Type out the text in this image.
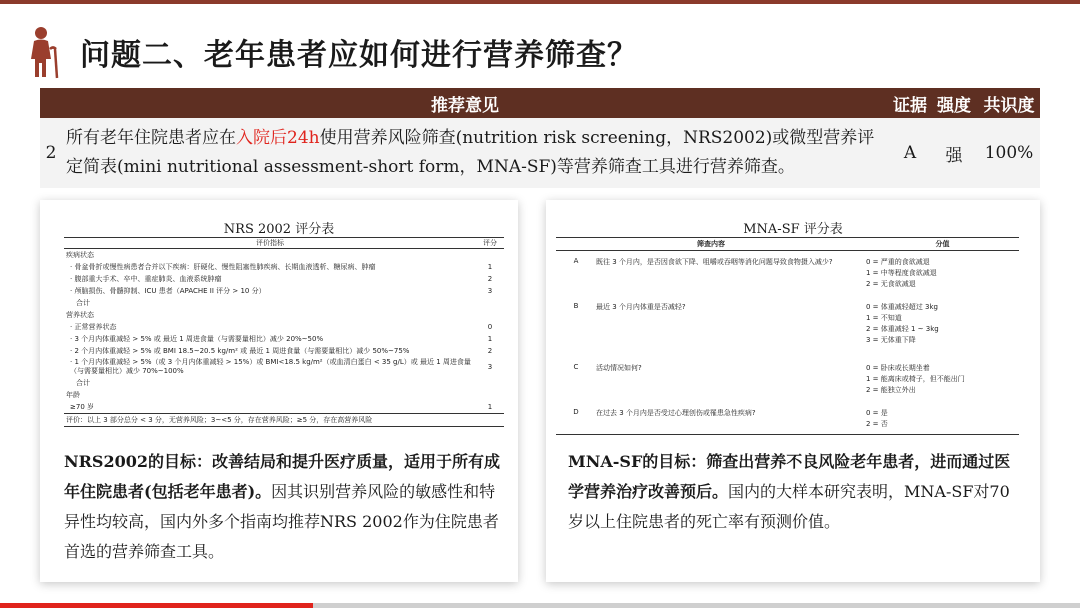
问题二、老年患者应如何进行营养筛查？
推荐意见		证据	强度	共识度
2	所有老年住院患者应在入院后24h使用营养风险筛查(nutrition risk screening，NRS2002)或微型营养评定简表(mini nutritional assessment-short form，MNA-SF)等营养筛查工具进行营养筛查。	A	强	100%
NRS 2002 评分表
评价指标	评分
疾病状态	
· 骨盆骨折或慢性病患者合并以下疾病：肝硬化、慢性阻塞性肺疾病、长期血液透析、糖尿病、肿瘤	1
· 腹部重大手术、卒中、重症肺炎、血液系统肿瘤	2
· 颅脑损伤、骨髓抑制、ICU 患者（APACHE II 评分 > 10 分）	3
合计	
营养状态	
· 正常营养状态	0
· 3 个月内体重减轻 > 5% 或 最近 1 周进食量（与需要量相比）减少 20%~50%	1
· 2 个月内体重减轻 > 5% 或 BMI 18.5~20.5 kg/m² 或 最近 1 周进食量（与需要量相比）减少 50%~75%	2
· 1 个月内体重减轻 > 5%（或 3 个月内体重减轻 > 15%）或 BMI<18.5 kg/m²（或血清白蛋白 < 35 g/L）或 最近 1 周进食量（与需要量相比）减少 70%~100%	3
合计	
年龄	
≥70 岁	1
评价：以上 3 部分总分 < 3 分，无营养风险；3~<5 分，存在营养风险；≥5 分，存在高营养风险	
NRS2002的目标：改善结局和提升医疗质量，适用于所有成年住院患者(包括老年患者)。因其识别营养风险的敏感性和特异性均较高，国内外多个指南均推荐NRS 2002作为住院患者首选的营养筛查工具。
MNA-SF 评分表
筛查内容		分值
A	既往 3 个月内，是否因食欲下降、咀嚼或吞咽等消化问题导致食物摄入减少?	0 = 严重的食欲减退
1 = 中等程度食欲减退
2 = 无食欲减退

B	最近 3 个月内体重是否减轻?	0 = 体重减轻超过 3kg
1 = 不知道
2 = 体重减轻 1 ~ 3kg
3 = 无体重下降

C	活动情况如何?	0 = 卧床或长期坐着
1 = 能离床或椅子，但不能出门
2 = 能独立外出

D	在过去 3 个月内是否受过心理创伤或罹患急性疾病?	0 = 是
2 = 否
MNA-SF的目标：筛查出营养不良风险老年患者，进而通过医学营养治疗改善预后。国内的大样本研究表明，MNA-SF对70岁以上住院患者的死亡率有预测价值。
